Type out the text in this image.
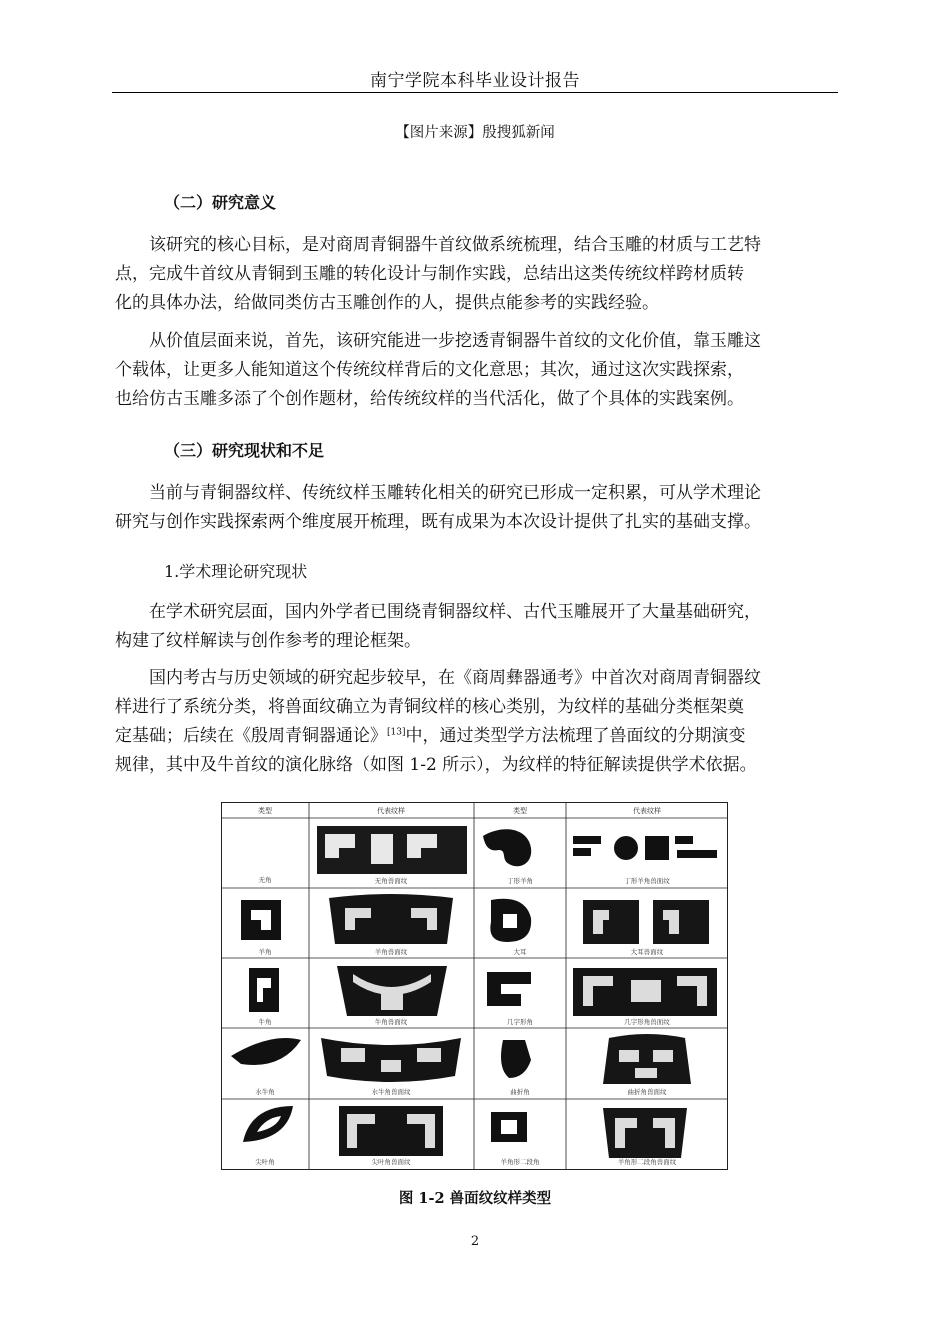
南宁学院本科毕业设计报告
【图片来源】殷搜狐新闻
（二）研究意义

该研究的核心目标，是对商周青铜器牛首纹做系统梳理，结合玉雕的材质与工艺特
点，完成牛首纹从青铜到玉雕的转化设计与制作实践，总结出这类传统纹样跨材质转
化的具体办法，给做同类仿古玉雕创作的人，提供点能参考的实践经验。

从价值层面来说，首先，该研究能进一步挖透青铜器牛首纹的文化价值，靠玉雕这
个载体，让更多人能知道这个传统纹样背后的文化意思；其次，通过这次实践探索，
也给仿古玉雕多添了个创作题材，给传统纹样的当代活化，做了个具体的实践案例。

（三）研究现状和不足

当前与青铜器纹样、传统纹样玉雕转化相关的研究已形成一定积累，可从学术理论
研究与创作实践探索两个维度展开梳理，既有成果为本次设计提供了扎实的基础支撑。

1.学术理论研究现状

在学术研究层面，国内外学者已围绕青铜器纹样、古代玉雕展开了大量基础研究，
构建了纹样解读与创作参考的理论框架。

国内考古与历史领域的研究起步较早，在《商周彝器通考》中首次对商周青铜器纹
样进行了系统分类，将兽面纹确立为青铜纹样的核心类别，为纹样的基础分类框架奠
定基础；后续在《殷周青铜器通论》[13]中，通过类型学方法梳理了兽面纹的分期演变
规律，其中及牛首纹的演化脉络（如图 1-2 所示），为纹样的特征解读提供学术依据。

类型	代表纹样	类型	代表纹样
无角	无角兽面纹	丁形羊角	丁形羊角兽面纹
羊角	羊角兽面纹	大耳	大耳兽面纹
牛角	牛角兽面纹	几字形角	几字形角兽面纹
水牛角	水牛角兽面纹	曲折角	曲折角兽面纹
尖叶角	尖叶角兽面纹	羊角形二段角	羊角形二段角兽面纹
图 1-2 兽面纹纹样类型
2
